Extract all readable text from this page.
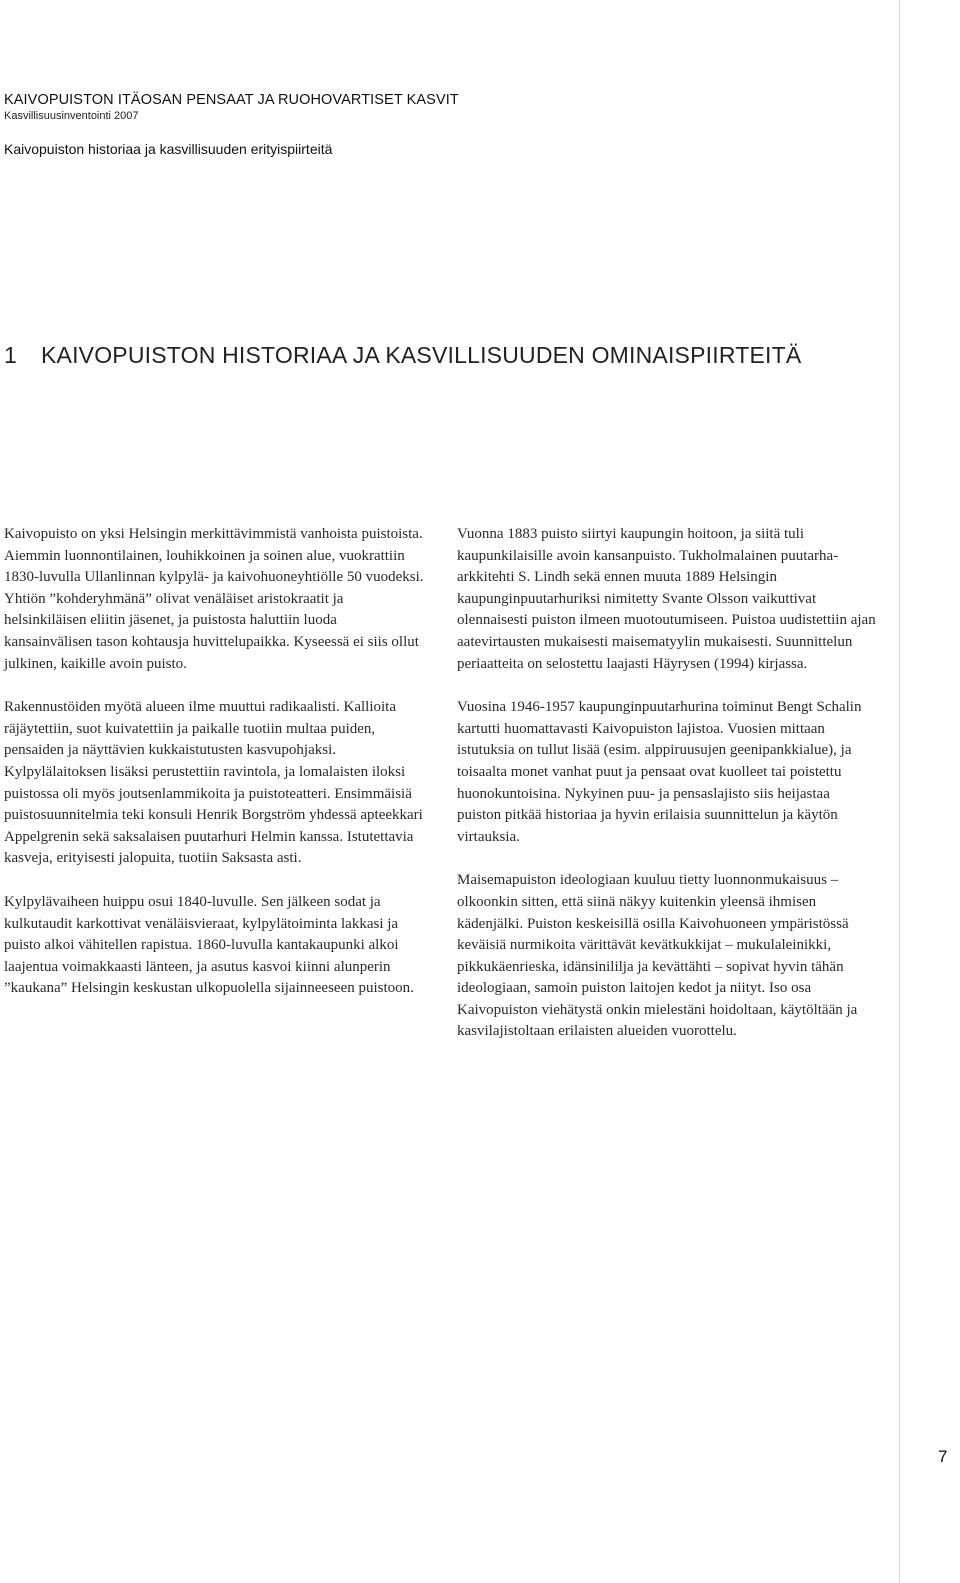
KAIVOPUISTON ITÄOSAN PENSAAT JA RUOHOVARTISET KASVIT
Kasvillisuusinventointi 2007
Kaivopuiston historiaa ja kasvillisuuden erityispiirteitä
1 KAIVOPUISTON HISTORIAA JA KASVILLISUUDEN OMINAISPIIRTEITÄ

Kaivopuisto on yksi Helsingin merkittävimmistä vanhoista puistoista. Aiemmin luonnontilainen, louhikkoinen ja soinen alue, vuokrattiin 1830-luvulla Ullanlinnan kylpylä- ja kaivohuoneyhtiölle 50 vuodeksi. Yhtiön ”kohderyhmänä” olivat venäläiset aristokraatit ja helsinkiläisen eliitin jäsenet, ja puistosta haluttiin luoda kansainvälisen tason kohtausja huvittelupaikka. Kyseessä ei siis ollut julkinen, kaikille avoin puisto.

Rakennustöiden myötä alueen ilme muuttui radikaalisti. Kallioita räjäytettiin, suot kuivatettiin ja paikalle tuotiin multaa puiden, pensaiden ja näyttävien kukkaistutusten kasvupohjaksi. Kylpylälaitoksen lisäksi perustettiin ravintola, ja lomalaisten iloksi puistossa oli myös joutsenlammikoita ja puistoteatteri. Ensimmäisiä puistosuunnitelmia teki konsuli Henrik Borgström yhdessä apteekkari Appelgrenin sekä saksalaisen puutarhuri Helmin kanssa. Istutettavia kasveja, erityisesti jalopuita, tuotiin Saksasta asti.

Kylpylävaiheen huippu osui 1840-luvulle. Sen jälkeen sodat ja kulkutaudit karkottivat venäläisvieraat, kylpylätoiminta lakkasi ja puisto alkoi vähitellen rapistua. 1860-luvulla kantakaupunki alkoi laajentua voimakkaasti länteen, ja asutus kasvoi kiinni alunperin ”kaukana” Helsingin keskustan ulkopuolella sijainneeseen puistoon.

Vuonna 1883 puisto siirtyi kaupungin hoitoon, ja siitä tuli kaupunkilaisille avoin kansanpuisto. Tukholmalainen puutarha-arkkitehti S. Lindh sekä ennen muuta 1889 Helsingin kaupunginpuutarhuriksi nimitetty Svante Olsson vaikuttivat olennaisesti puiston ilmeen muotoutumiseen. Puistoa uudistettiin ajan aatevirtausten mukaisesti maisematyylin mukaisesti. Suunnittelun periaatteita on selostettu laajasti Häyrysen (1994) kirjassa.

Vuosina 1946-1957 kaupunginpuutarhurina toiminut Bengt Schalin kartutti huomattavasti Kaivopuiston lajistoa. Vuosien mittaan istutuksia on tullut lisää (esim. alppiruusujen geenipankkialue), ja toisaalta monet vanhat puut ja pensaat ovat kuolleet tai poistettu huonokuntoisina. Nykyinen puu- ja pensaslajisto siis heijastaa puiston pitkää historiaa ja hyvin erilaisia suunnittelun ja käytön virtauksia.

Maisemapuiston ideologiaan kuuluu tietty luonnonmukaisuus – olkoonkin sitten, että siinä näkyy kuitenkin yleensä ihmisen kädenjälki. Puiston keskeisillä osilla Kaivohuoneen ympäristössä keväisiä nurmikoita värittävät kevätkukkijat – mukulaleinikki, pikkukäenrieska, idänsinililja ja kevättähti – sopivat hyvin tähän ideologiaan, samoin puiston laitojen kedot ja niityt. Iso osa Kaivopuiston viehätystä onkin mielestäni hoidoltaan, käytöltään ja kasvilajistoltaan erilaisten alueiden vuorottelu.

7
